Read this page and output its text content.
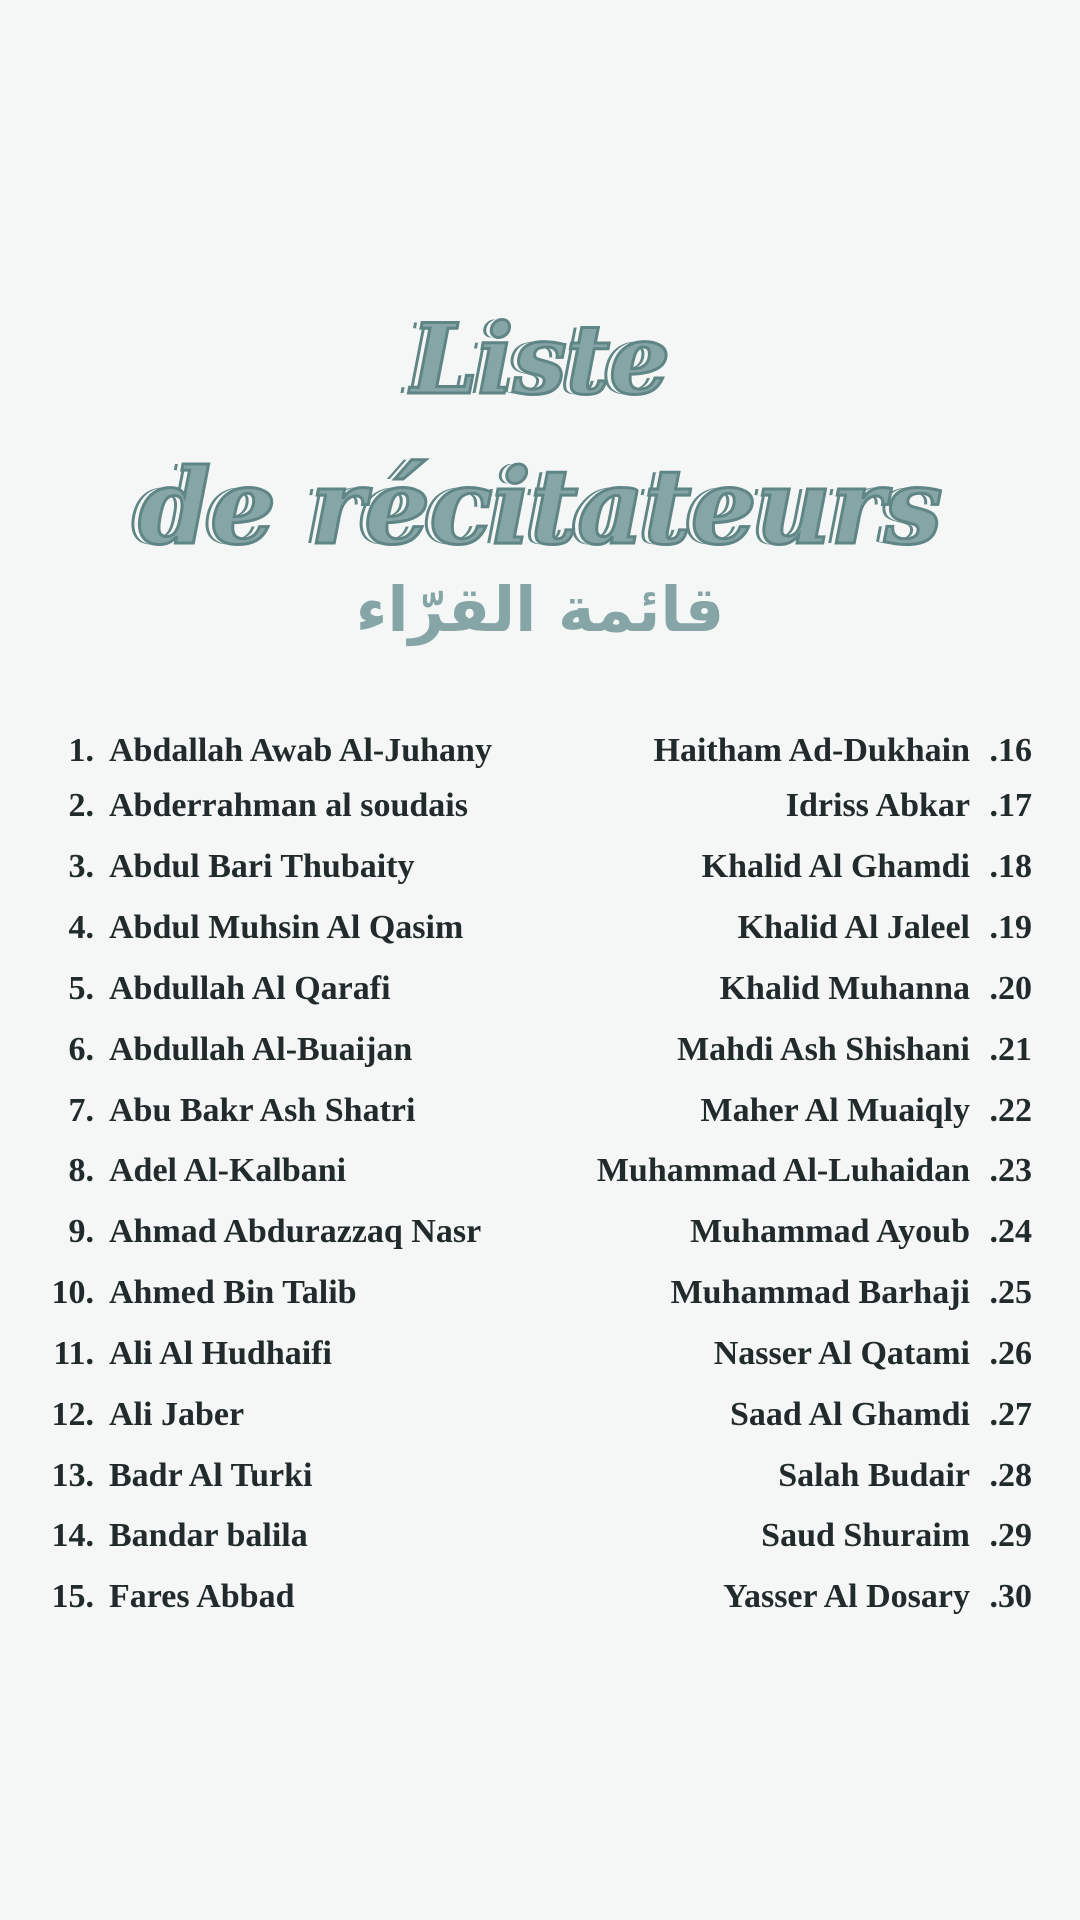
Liste
de récitateurs
قائمة القرّاء
1. Abdallah Awab Al-Juhany
2. Abderrahman al soudais
3. Abdul Bari Thubaity
4. Abdul Muhsin Al Qasim
5. Abdullah Al Qarafi
6. Abdullah Al-Buaijan
7. Abu Bakr Ash Shatri
8. Adel Al-Kalbani
9. Ahmad Abdurazzaq Nasr
10. Ahmed Bin Talib
11. Ali Al Hudhaifi
12. Ali Jaber
13. Badr Al Turki
14. Bandar balila
15. Fares Abbad
Haitham Ad-Dukhain .16
Idriss Abkar .17
Khalid Al Ghamdi .18
Khalid Al Jaleel .19
Khalid Muhanna .20
Mahdi Ash Shishani .21
Maher Al Muaiqly .22
Muhammad Al-Luhaidan .23
Muhammad Ayoub .24
Muhammad Barhaji .25
Nasser Al Qatami .26
Saad Al Ghamdi .27
Salah Budair .28
Saud Shuraim .29
Yasser Al Dosary .30
